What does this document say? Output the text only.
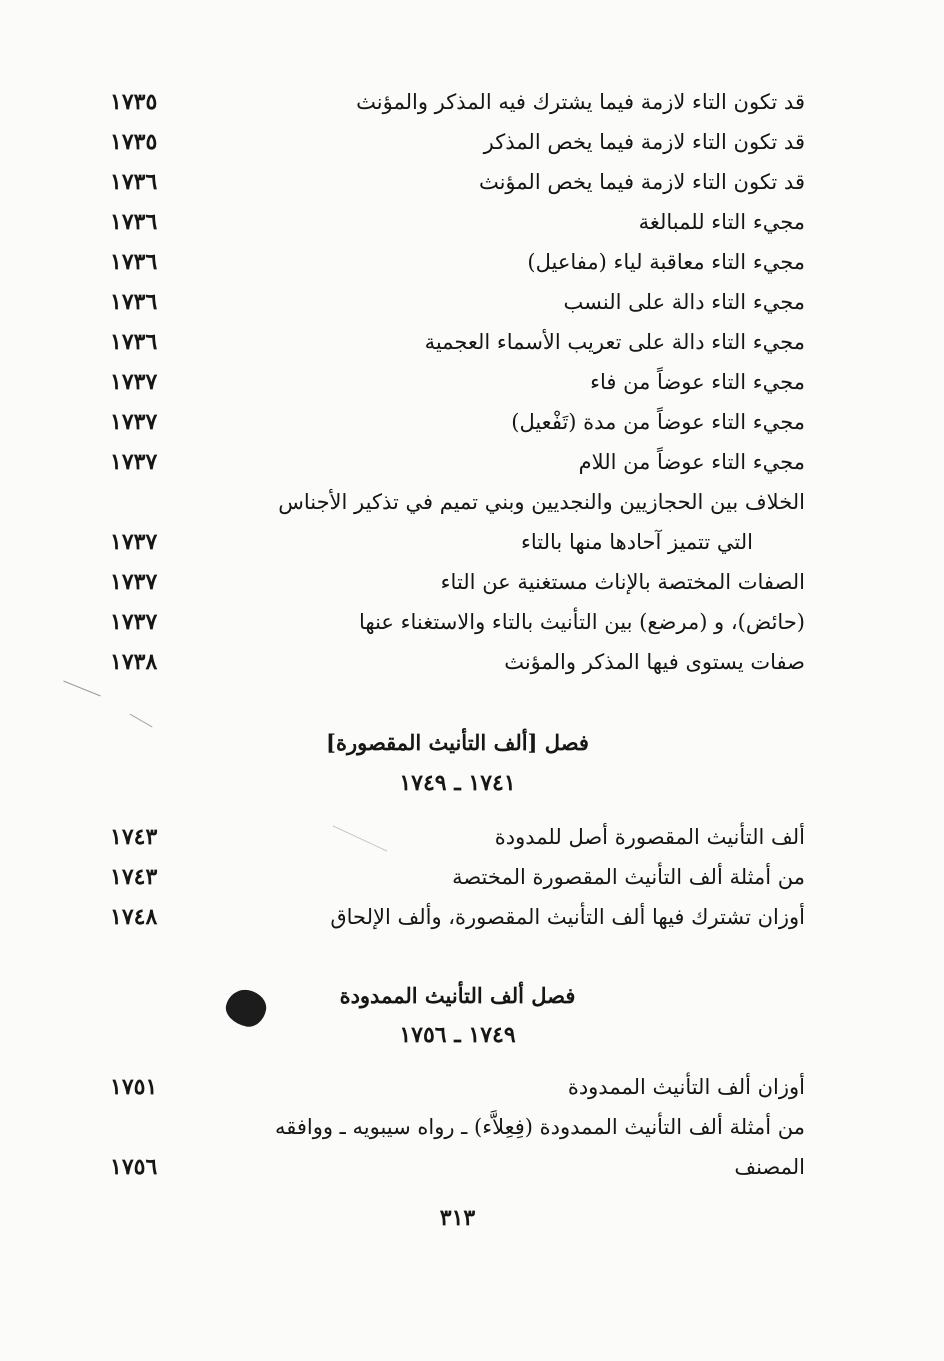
قد تكون التاء لازمة فيما يشترك فيه المذكر والمؤنث
١٧٣٥
قد تكون التاء لازمة فيما يخص المذكر
١٧٣٥
قد تكون التاء لازمة فيما يخص المؤنث
١٧٣٦
مجيء التاء للمبالغة
١٧٣٦
مجيء التاء معاقبة لياء (مفاعيل)
١٧٣٦
مجيء التاء دالة على النسب
١٧٣٦
مجيء التاء دالة على تعريب الأسماء العجمية
١٧٣٦
مجيء التاء عوضاً من فاء
١٧٣٧
مجيء التاء عوضاً من مدة (تَفْعيل)
١٧٣٧
مجيء التاء عوضاً من اللام
١٧٣٧
الخلاف بين الحجازيين والنجديين وبني تميم في تذكير الأجناس
التي تتميز آحادها منها بالتاء
١٧٣٧
الصفات المختصة بالإناث مستغنية عن التاء
١٧٣٧
(حائض)، و (مرضع) بين التأنيث بالتاء والاستغناء عنها
١٧٣٧
صفات يستوى فيها المذكر والمؤنث
١٧٣٨
فصل [ألف التأنيث المقصورة]
١٧٤١ ـ ١٧٤٩
ألف التأنيث المقصورة أصل للمدودة
١٧٤٣
من أمثلة ألف التأنيث المقصورة المختصة
١٧٤٣
أوزان تشترك فيها ألف التأنيث المقصورة، وألف الإلحاق
١٧٤٨
فصل ألف التأنيث الممدودة
١٧٤٩ ـ ١٧٥٦
أوزان ألف التأنيث الممدودة
١٧٥١
من أمثلة ألف التأنيث الممدودة (فِعِلاَّء) ـ رواه سيبويه ـ ووافقه
المصنف
١٧٥٦
٣١٣
